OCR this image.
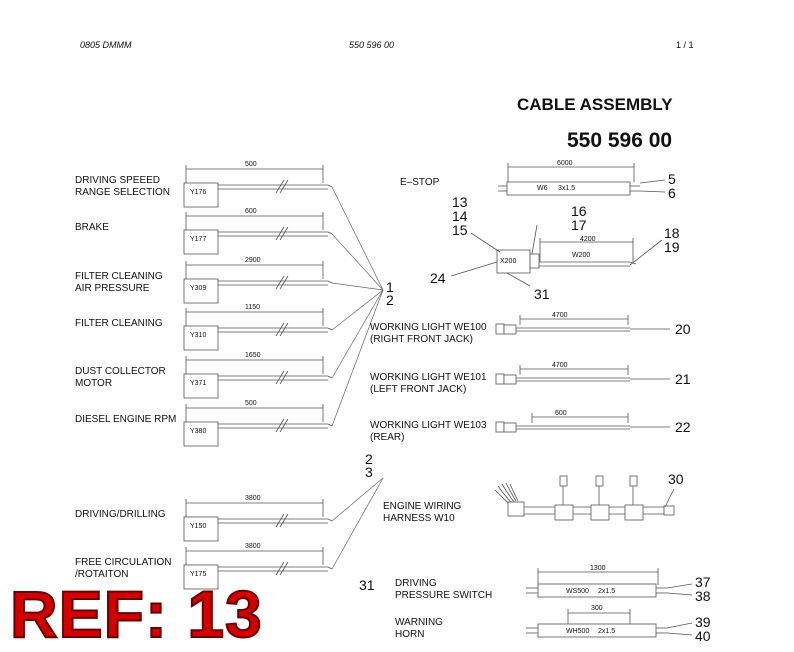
0805 DMMM	550 596 00	1 / 1
CABLE ASSEMBLY
550 596 00
DRIVING SPEEED
RANGE SELECTION
500
Y176
BRAKE
600
Y177
FILTER CLEANING
AIR PRESSURE
2900
Y309
FILTER CLEANING
1150
Y310
DUST COLLECTOR
MOTOR
1650
Y371
DIESEL ENGINE RPM
500
Y380
DRIVING/DRILLING
3800
Y150
FREE CIRCULATION
/ROTAITON
3800
Y175
1
2
2
3
E–STOP
6000
W6 3x1.5
5
6
13
14
15
16
17	18
19
24
31
4200
X200
W200
WORKING LIGHT WE100
(RIGHT FRONT JACK)
4700
20
WORKING LIGHT WE101
(LEFT FRONT JACK)
4700
21
WORKING LIGHT WE103
(REAR)
600
22
ENGINE WIRING
HARNESS W10
30
31 DRIVING
PRESSURE SWITCH
1300
WS500 2x1.5
37
38
WARNING
HORN
300
WH500 2x1.5
39
40
REF: 13
